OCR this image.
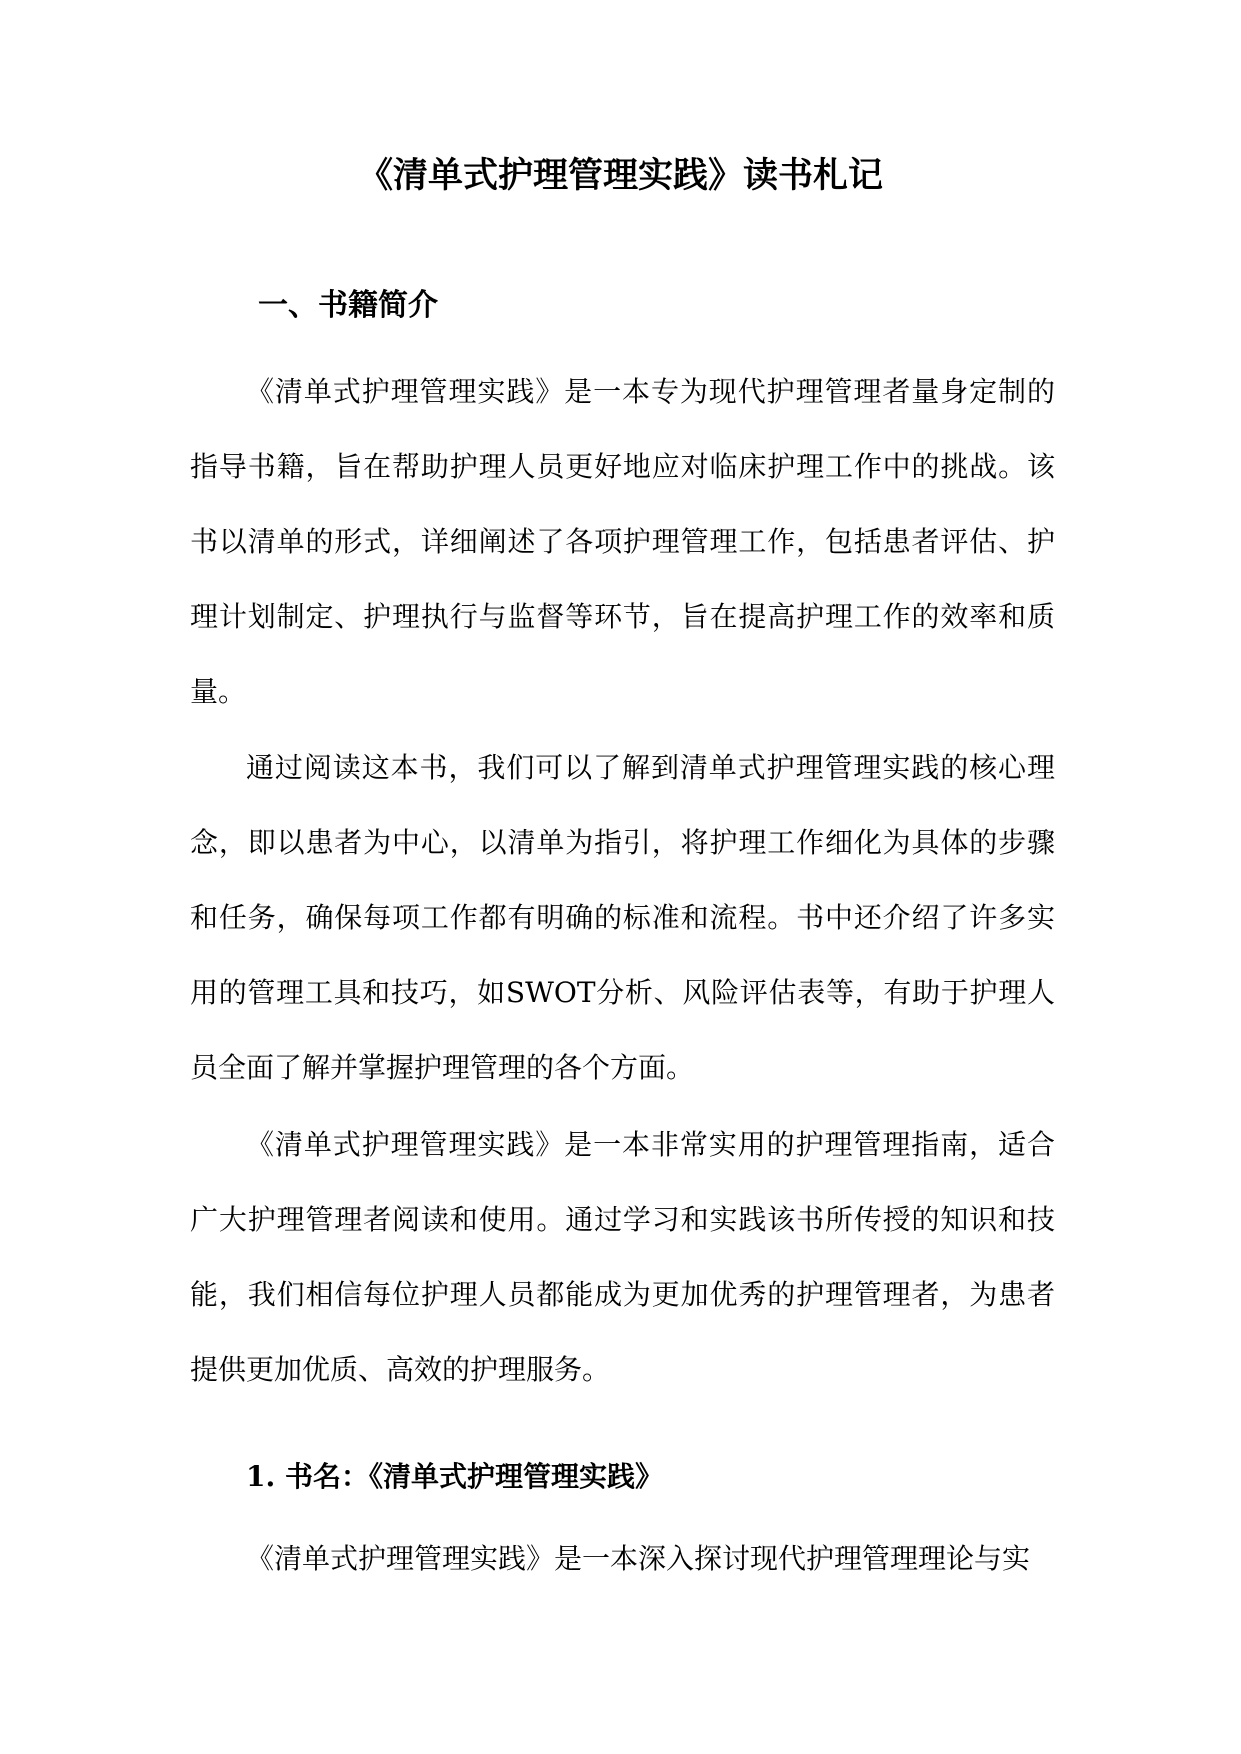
《清单式护理管理实践》读书札记
一、书籍简介

《清单式护理管理实践》是一本专为现代护理管理者量身定制的指导书籍，旨在帮助护理人员更好地应对临床护理工作中的挑战。该书以清单的形式，详细阐述了各项护理管理工作，包括患者评估、护理计划制定、护理执行与监督等环节，旨在提高护理工作的效率和质量。

通过阅读这本书，我们可以了解到清单式护理管理实践的核心理念，即以患者为中心，以清单为指引，将护理工作细化为具体的步骤和任务，确保每项工作都有明确的标准和流程。书中还介绍了许多实用的管理工具和技巧，如SWOT分析、风险评估表等，有助于护理人员全面了解并掌握护理管理的各个方面。

《清单式护理管理实践》是一本非常实用的护理管理指南，适合广大护理管理者阅读和使用。通过学习和实践该书所传授的知识和技能，我们相信每位护理人员都能成为更加优秀的护理管理者，为患者提供更加优质、高效的护理服务。

1. 书名：《清单式护理管理实践》

《清单式护理管理实践》是一本深入探讨现代护理管理理论与实
